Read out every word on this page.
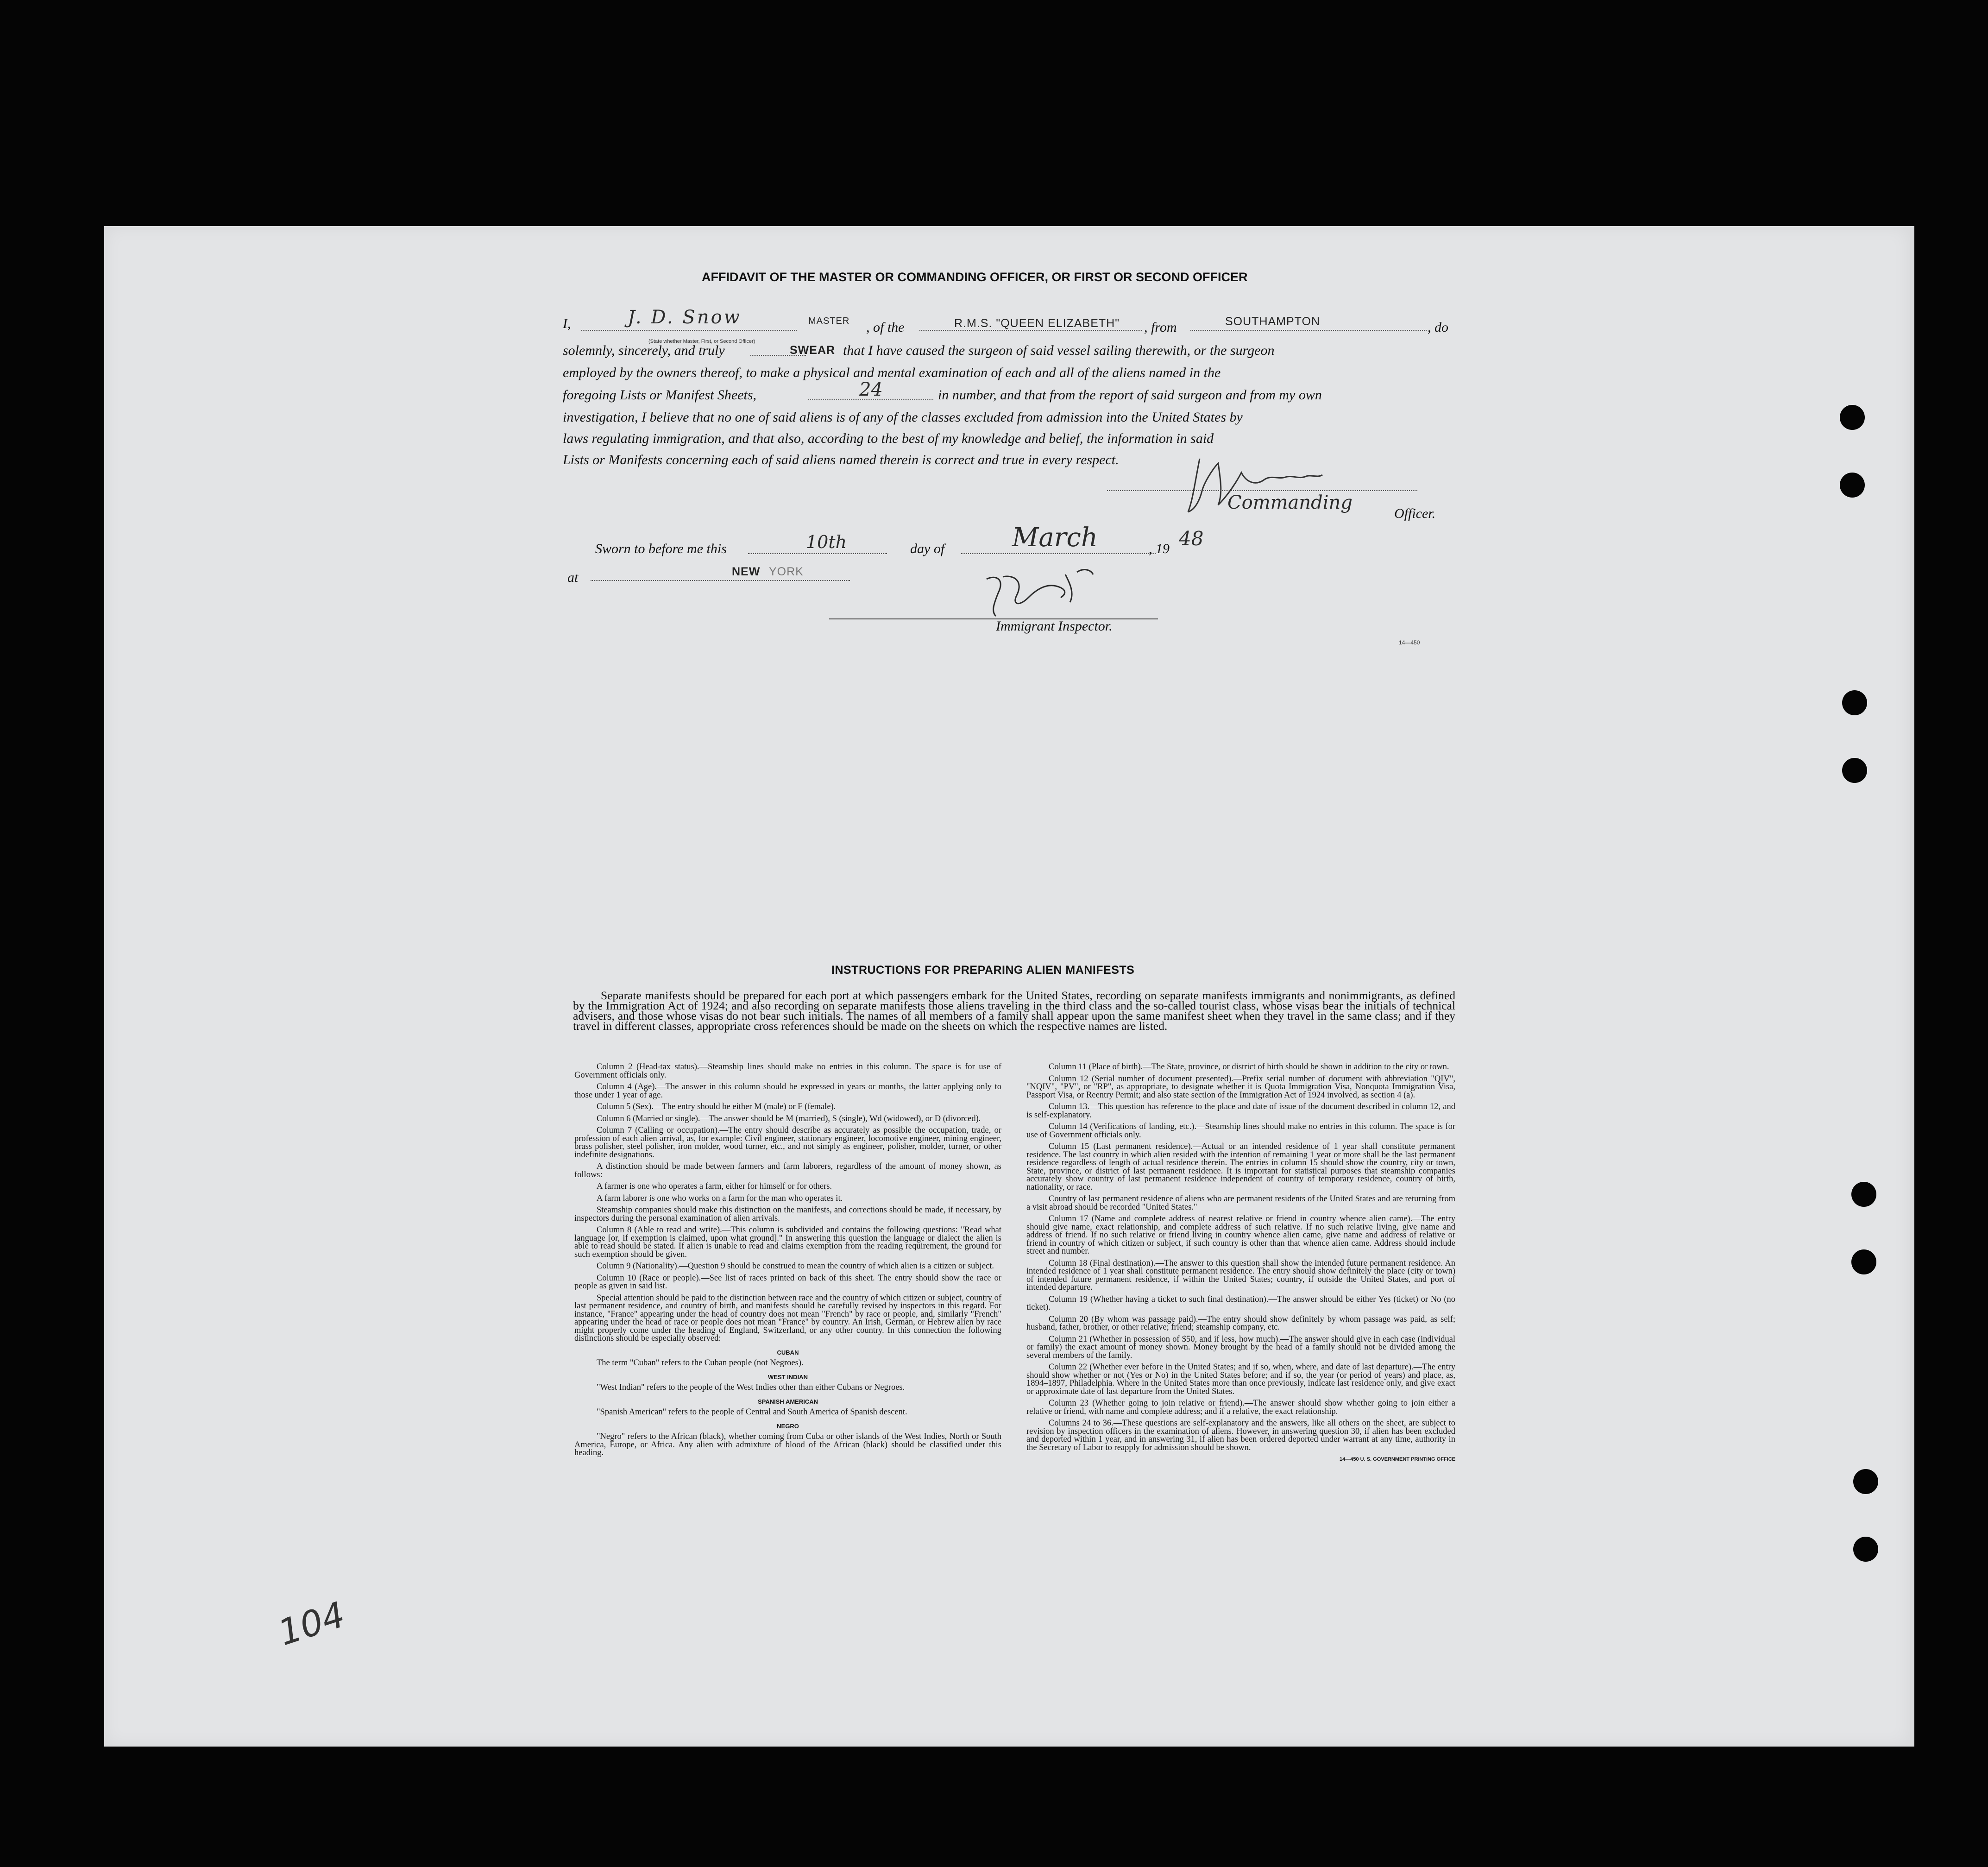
AFFIDAVIT OF THE MASTER OR COMMANDING OFFICER, OR FIRST OR SECOND OFFICER
I,	J. D. Snow	MASTER , of the	R.M.S. "QUEEN ELIZABETH" , from	SOUTHAMPTON	, do
(State whether Master, First, or Second Officer)
solemnly, sincerely, and truly	SWEAR that I have caused the surgeon of said vessel sailing therewith, or the surgeon
employed by the owners thereof, to make a physical and mental examination of each and all of the aliens named in the
foregoing Lists or Manifest Sheets,	24	in number, and that from the report of said surgeon and from my own
investigation, I believe that no one of said aliens is of any of the classes excluded from admission into the United States by
laws regulating immigration, and that also, according to the best of my knowledge and belief, the information in said
Lists or Manifests concerning each of said aliens named therein is correct and true in every respect.
Commanding
Officer.
Sworn to before me this	10th	day of	March	, 19 48
at	NEW YORK
Immigrant Inspector.
14—450
INSTRUCTIONS FOR PREPARING ALIEN MANIFESTS
Separate manifests should be prepared for each port at which passengers embark for the United States, recording on separate manifests immigrants and nonimmigrants, as defined by the Immigration Act of 1924; and also recording on separate manifests those aliens traveling in the third class and the so-called tourist class, whose visas bear the initials of technical advisers, and those whose visas do not bear such initials. The names of all members of a family shall appear upon the same manifest sheet when they travel in the same class; and if they travel in different classes, appropriate cross references should be made on the sheets on which the respective names are listed.

Column 2 (Head-tax status).—Steamship lines should make no entries in this column. The space is for use of Government officials only.

Column 4 (Age).—The answer in this column should be expressed in years or months, the latter applying only to those under 1 year of age.

Column 5 (Sex).—The entry should be either M (male) or F (female).

Column 6 (Married or single).—The answer should be M (married), S (single), Wd (widowed), or D (divorced).

Column 7 (Calling or occupation).—The entry should describe as accurately as possible the occupation, trade, or profession of each alien arrival, as, for example: Civil engineer, stationary engineer, locomotive engineer, mining engineer, brass polisher, steel polisher, iron molder, wood turner, etc., and not simply as engineer, polisher, molder, turner, or other indefinite designations.

A distinction should be made between farmers and farm laborers, regardless of the amount of money shown, as follows:

A farmer is one who operates a farm, either for himself or for others.

A farm laborer is one who works on a farm for the man who operates it.

Steamship companies should make this distinction on the manifests, and corrections should be made, if necessary, by inspectors during the personal examination of alien arrivals.

Column 8 (Able to read and write).—This column is subdivided and contains the following questions: "Read what language [or, if exemption is claimed, upon what ground]." In answering this question the language or dialect the alien is able to read should be stated. If alien is unable to read and claims exemption from the reading requirement, the ground for such exemption should be given.

Column 9 (Nationality).—Question 9 should be construed to mean the country of which alien is a citizen or subject.

Column 10 (Race or people).—See list of races printed on back of this sheet. The entry should show the race or people as given in said list.

Special attention should be paid to the distinction between race and the country of which citizen or subject, country of last permanent residence, and country of birth, and manifests should be carefully revised by inspectors in this regard. For instance, "France" appearing under the head of country does not mean "French" by race or people, and, similarly "French" appearing under the head of race or people does not mean "France" by country. An Irish, German, or Hebrew alien by race might properly come under the heading of England, Switzerland, or any other country. In this connection the following distinctions should be especially observed:

CUBAN

The term "Cuban" refers to the Cuban people (not Negroes).

WEST INDIAN

"West Indian" refers to the people of the West Indies other than either Cubans or Negroes.

SPANISH AMERICAN

"Spanish American" refers to the people of Central and South America of Spanish descent.

NEGRO

"Negro" refers to the African (black), whether coming from Cuba or other islands of the West Indies, North or South America, Europe, or Africa. Any alien with admixture of blood of the African (black) should be classified under this heading.

Column 11 (Place of birth).—The State, province, or district of birth should be shown in addition to the city or town.

Column 12 (Serial number of document presented).—Prefix serial number of document with abbreviation "QIV", "NQIV", "PV", or "RP", as appropriate, to designate whether it is Quota Immigration Visa, Nonquota Immigration Visa, Passport Visa, or Reentry Permit; and also state section of the Immigration Act of 1924 involved, as section 4 (a).

Column 13.—This question has reference to the place and date of issue of the document described in column 12, and is self-explanatory.

Column 14 (Verifications of landing, etc.).—Steamship lines should make no entries in this column. The space is for use of Government officials only.

Column 15 (Last permanent residence).—Actual or an intended residence of 1 year shall constitute permanent residence. The last country in which alien resided with the intention of remaining 1 year or more shall be the last permanent residence regardless of length of actual residence therein. The entries in column 15 should show the country, city or town, State, province, or district of last permanent residence. It is important for statistical purposes that steamship companies accurately show country of last permanent residence independent of country of temporary residence, country of birth, nationality, or race.

Country of last permanent residence of aliens who are permanent residents of the United States and are returning from a visit abroad should be recorded "United States."

Column 17 (Name and complete address of nearest relative or friend in country whence alien came).—The entry should give name, exact relationship, and complete address of such relative. If no such relative living, give name and address of friend. If no such relative or friend living in country whence alien came, give name and address of relative or friend in country of which citizen or subject, if such country is other than that whence alien came. Address should include street and number.

Column 18 (Final destination).—The answer to this question shall show the intended future permanent residence. An intended residence of 1 year shall constitute permanent residence. The entry should show definitely the place (city or town) of intended future permanent residence, if within the United States; country, if outside the United States, and port of intended departure.

Column 19 (Whether having a ticket to such final destination).—The answer should be either Yes (ticket) or No (no ticket).

Column 20 (By whom was passage paid).—The entry should show definitely by whom passage was paid, as self; husband, father, brother, or other relative; friend; steamship company, etc.

Column 21 (Whether in possession of $50, and if less, how much).—The answer should give in each case (individual or family) the exact amount of money shown. Money brought by the head of a family should not be divided among the several members of the family.

Column 22 (Whether ever before in the United States; and if so, when, where, and date of last departure).—The entry should show whether or not (Yes or No) in the United States before; and if so, the year (or period of years) and place, as, 1894–1897, Philadelphia. Where in the United States more than once previously, indicate last residence only, and give exact or approximate date of last departure from the United States.

Column 23 (Whether going to join relative or friend).—The answer should show whether going to join either a relative or friend, with name and complete address; and if a relative, the exact relationship.

Columns 24 to 36.—These questions are self-explanatory and the answers, like all others on the sheet, are subject to revision by inspection officers in the examination of aliens. However, in answering question 30, if alien has been excluded and deported within 1 year, and in answering 31, if alien has been ordered deported under warrant at any time, authority in the Secretary of Labor to reapply for admission should be shown.

14—450 U. S. GOVERNMENT PRINTING OFFICE

104
